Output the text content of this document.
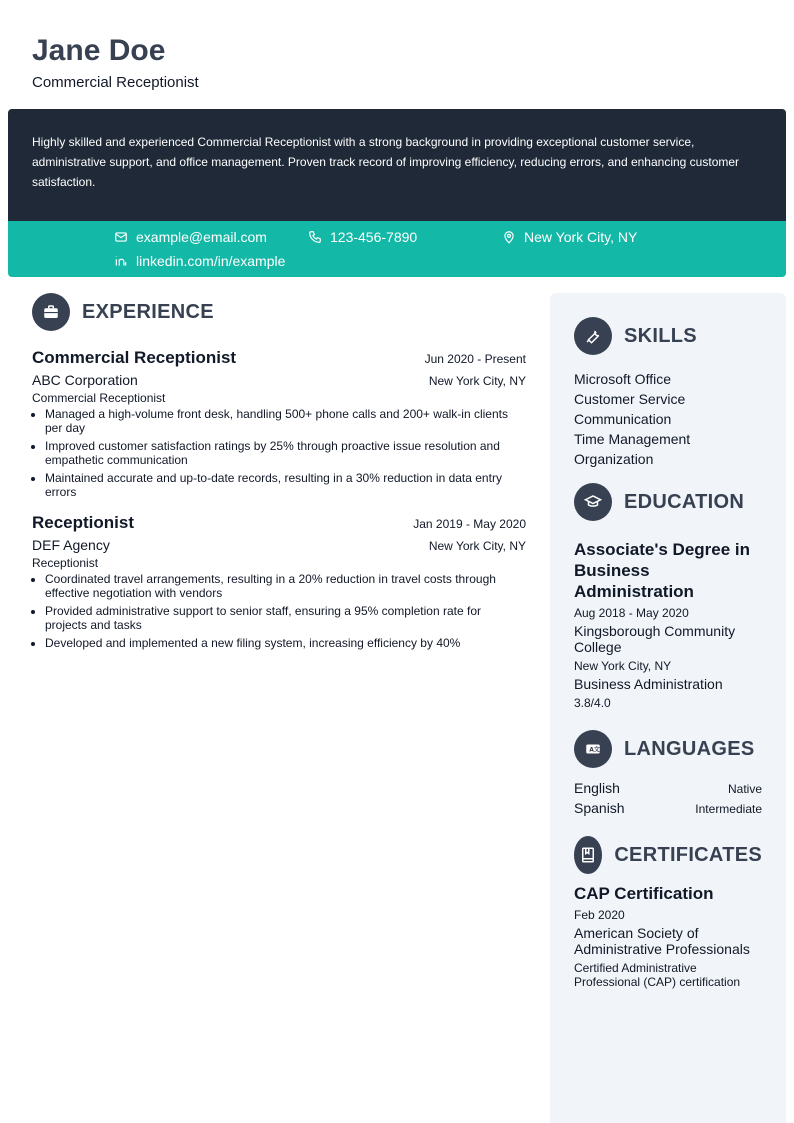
Jane Doe
Commercial Receptionist
Highly skilled and experienced Commercial Receptionist with a strong background in providing exceptional customer service, administrative support, and office management. Proven track record of improving efficiency, reducing errors, and enhancing customer satisfaction.
example@email.com	123-456-7890	New York City, NY
linkedin.com/in/example
EXPERIENCE
Commercial Receptionist	Jun 2020 - Present
ABC Corporation	New York City, NY
Commercial Receptionist
• Managed a high-volume front desk, handling 500+ phone calls and 200+ walk-in clients per day
• Improved customer satisfaction ratings by 25% through proactive issue resolution and empathetic communication
• Maintained accurate and up-to-date records, resulting in a 30% reduction in data entry errors
Receptionist	Jan 2019 - May 2020
DEF Agency	New York City, NY
Receptionist
• Coordinated travel arrangements, resulting in a 20% reduction in travel costs through effective negotiation with vendors
• Provided administrative support to senior staff, ensuring a 95% completion rate for projects and tasks
• Developed and implemented a new filing system, increasing efficiency by 40%
SKILLS
Microsoft Office
Customer Service
Communication
Time Management
Organization
EDUCATION
Associate's Degree in Business Administration
Aug 2018 - May 2020
Kingsborough Community College
New York City, NY
Business Administration
3.8/4.0
A 文 LANGUAGES
English	Native
Spanish	Intermediate
CERTIFICATES
CAP Certification
Feb 2020
American Society of Administrative Professionals
Certified Administrative Professional (CAP) certification
